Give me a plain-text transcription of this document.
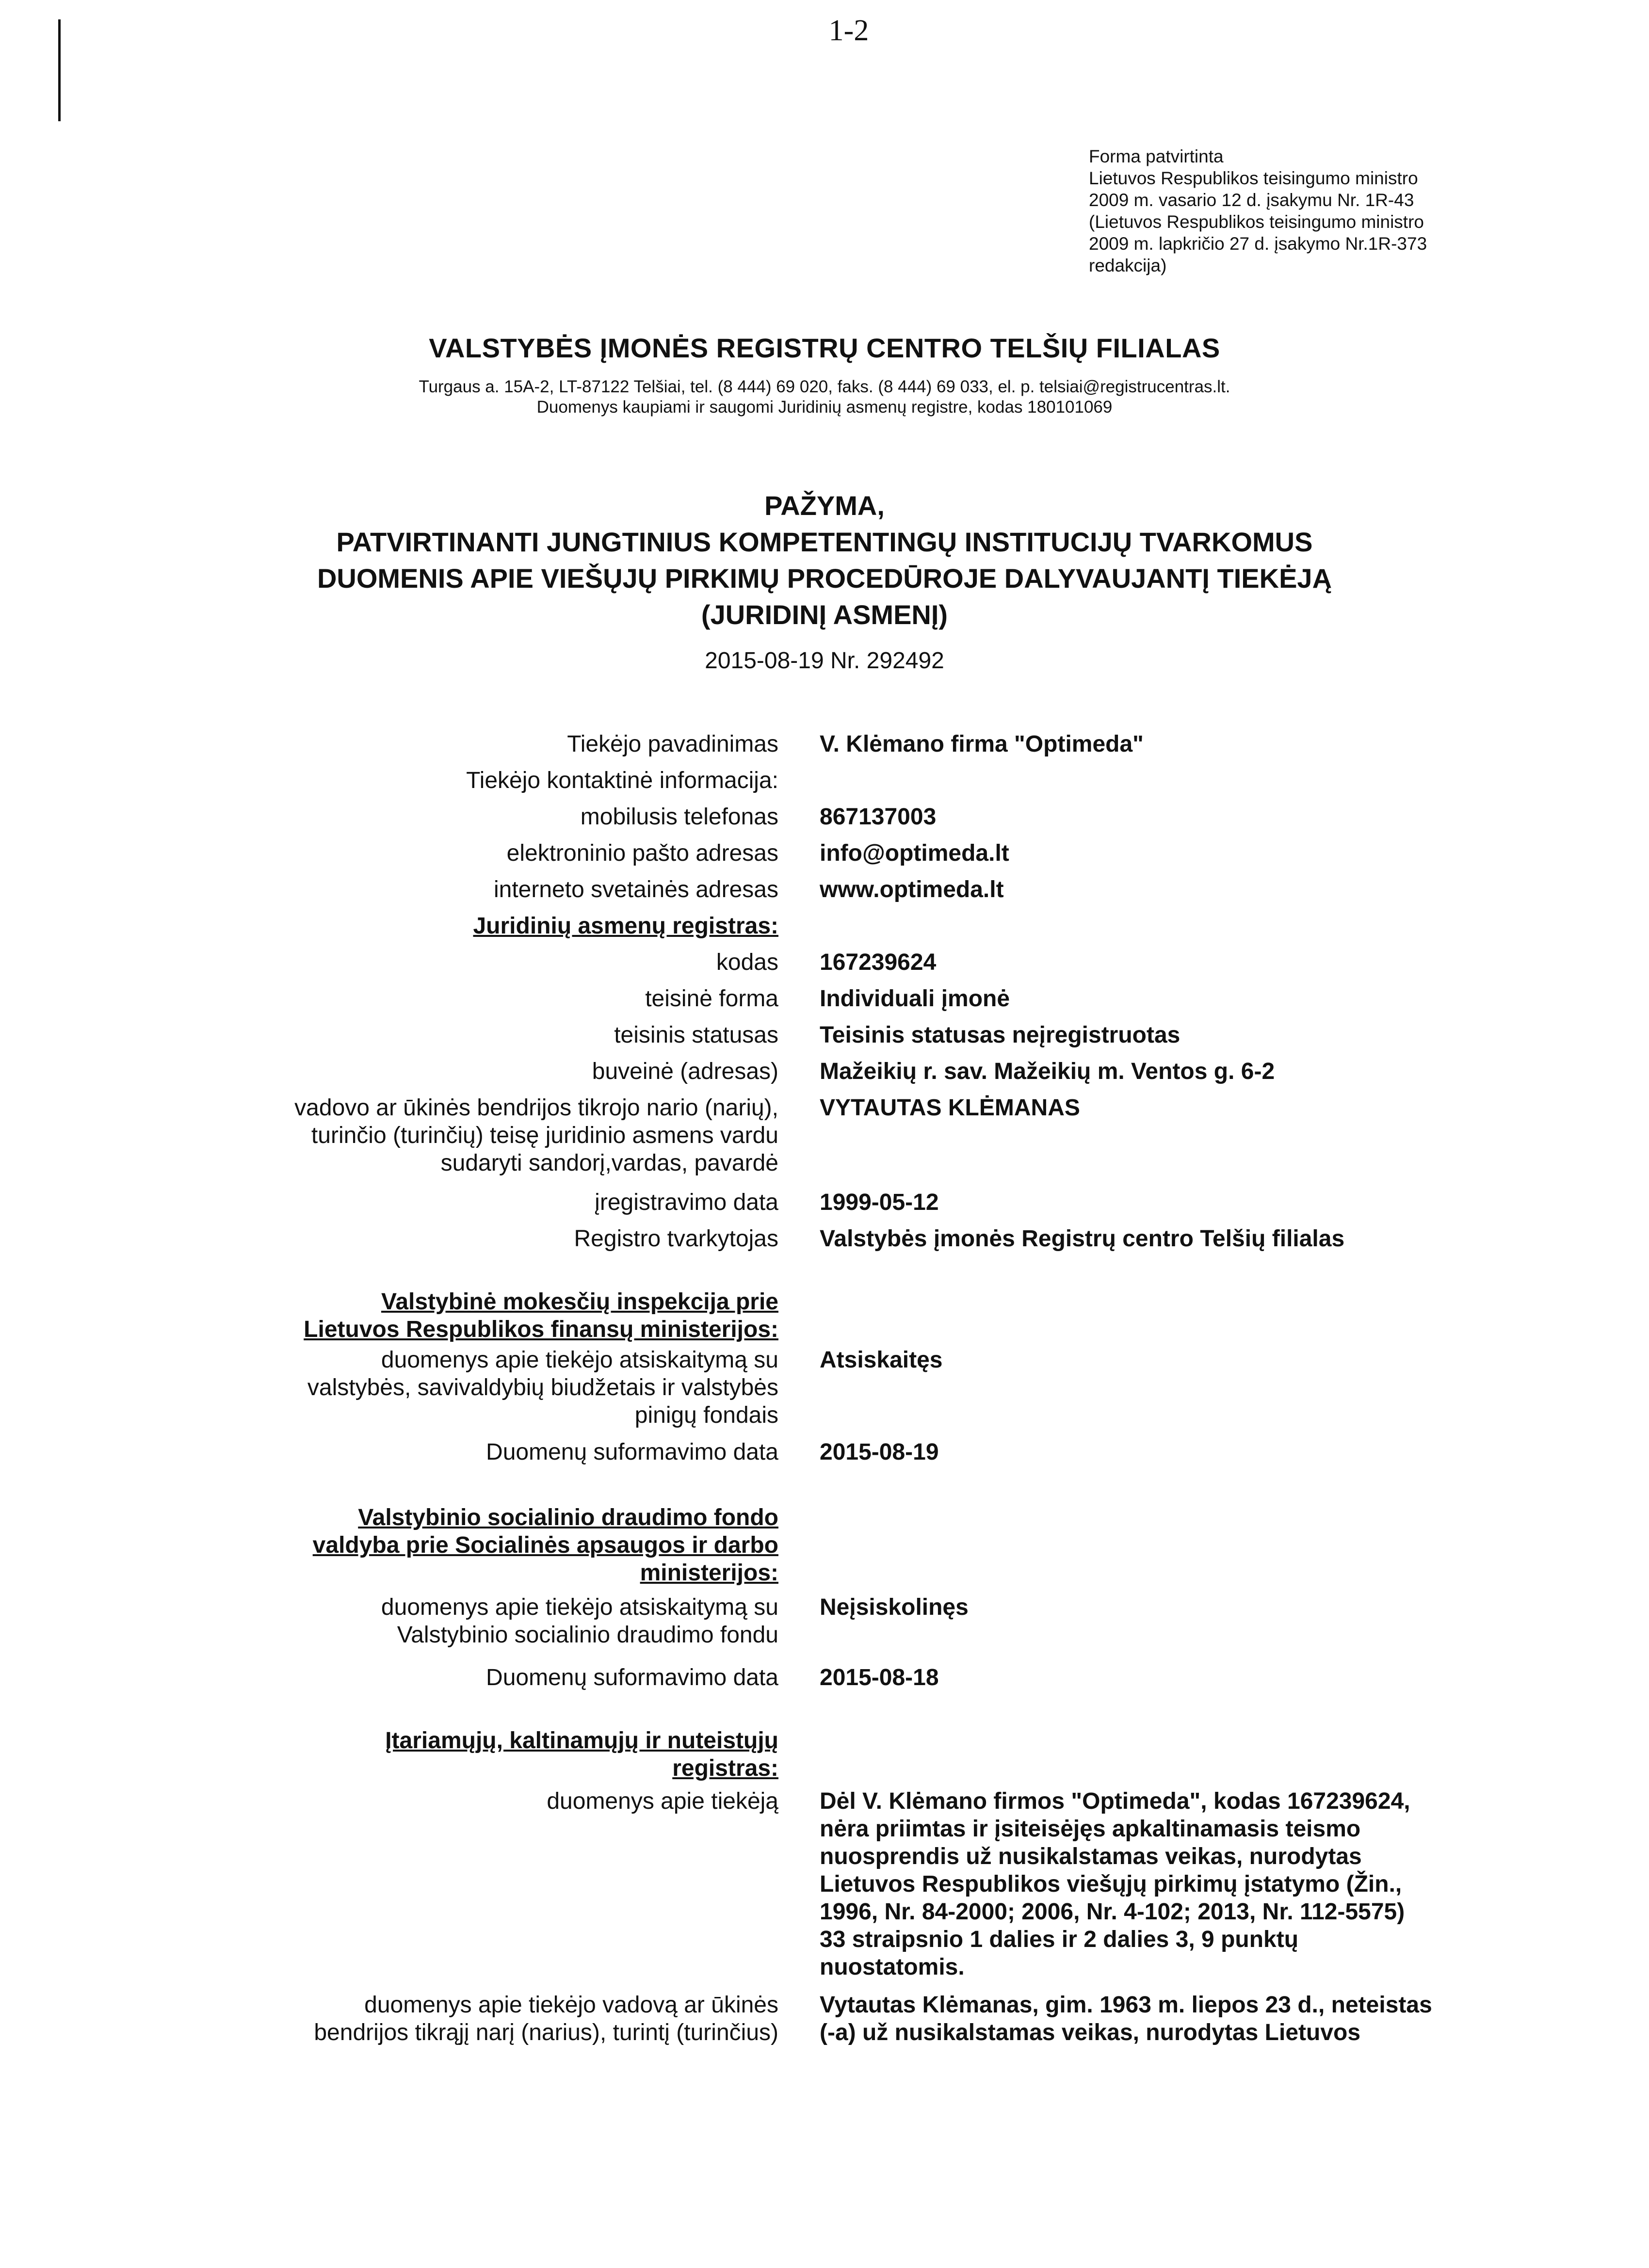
1-2
Forma patvirtinta
Lietuvos Respublikos teisingumo ministro
2009 m. vasario 12 d. įsakymu Nr. 1R-43
(Lietuvos Respublikos teisingumo ministro
2009 m. lapkričio 27 d. įsakymo Nr.1R-373
redakcija)
VALSTYBĖS ĮMONĖS REGISTRŲ CENTRO TELŠIŲ FILIALAS
Turgaus a. 15A-2, LT-87122 Telšiai, tel. (8 444) 69 020, faks. (8 444) 69 033, el. p. telsiai@registrucentras.lt.
Duomenys kaupiami ir saugomi Juridinių asmenų registre, kodas 180101069
PAŽYMA,
PATVIRTINANTI JUNGTINIUS KOMPETENTINGŲ INSTITUCIJŲ TVARKOMUS
DUOMENIS APIE VIEŠŲJŲ PIRKIMŲ PROCEDŪROJE DALYVAUJANTĮ TIEKĖJĄ
(JURIDINĮ ASMENĮ)
2015-08-19 Nr. 292492
Tiekėjo pavadinimas V. Klėmano firma "Optimeda"
Tiekėjo kontaktinė informacija:
mobilusis telefonas 867137003
elektroninio pašto adresas info@optimeda.lt
interneto svetainės adresas www.optimeda.lt
Juridinių asmenų registras:
kodas 167239624
teisinė forma Individuali įmonė
teisinis statusas Teisinis statusas neįregistruotas
buveinė (adresas) Mažeikių r. sav. Mažeikių m. Ventos g. 6-2
vadovo ar ūkinės bendrijos tikrojo nario (narių),
turinčio (turinčių) teisę juridinio asmens vardu
sudaryti sandorį,vardas, pavardė
VYTAUTAS KLĖMANAS
įregistravimo data 1999-05-12
Registro tvarkytojas Valstybės įmonės Registrų centro Telšių filialas
Valstybinė mokesčių inspekcija prie
Lietuvos Respublikos finansų ministerijos:
duomenys apie tiekėjo atsiskaitymą su
valstybės, savivaldybių biudžetais ir valstybės
pinigų fondais
Atsiskaitęs
Duomenų suformavimo data 2015-08-19
Valstybinio socialinio draudimo fondo
valdyba prie Socialinės apsaugos ir darbo
ministerijos:
duomenys apie tiekėjo atsiskaitymą su
Valstybinio socialinio draudimo fondu
Neįsiskolinęs
Duomenų suformavimo data 2015-08-18
Įtariamųjų, kaltinamųjų ir nuteistųjų
registras:
duomenys apie tiekėją Dėl V. Klėmano firmos "Optimeda", kodas 167239624,
nėra priimtas ir įsiteisėjęs apkaltinamasis teismo
nuosprendis už nusikalstamas veikas, nurodytas
Lietuvos Respublikos viešųjų pirkimų įstatymo (Žin.,
1996, Nr. 84-2000; 2006, Nr. 4-102; 2013, Nr. 112-5575)
33 straipsnio 1 dalies ir 2 dalies 3, 9 punktų
nuostatomis.
duomenys apie tiekėjo vadovą ar ūkinės
bendrijos tikrąjį narį (narius), turintį (turinčius)
Vytautas Klėmanas, gim. 1963 m. liepos 23 d., neteistas
(-a) už nusikalstamas veikas, nurodytas Lietuvos
